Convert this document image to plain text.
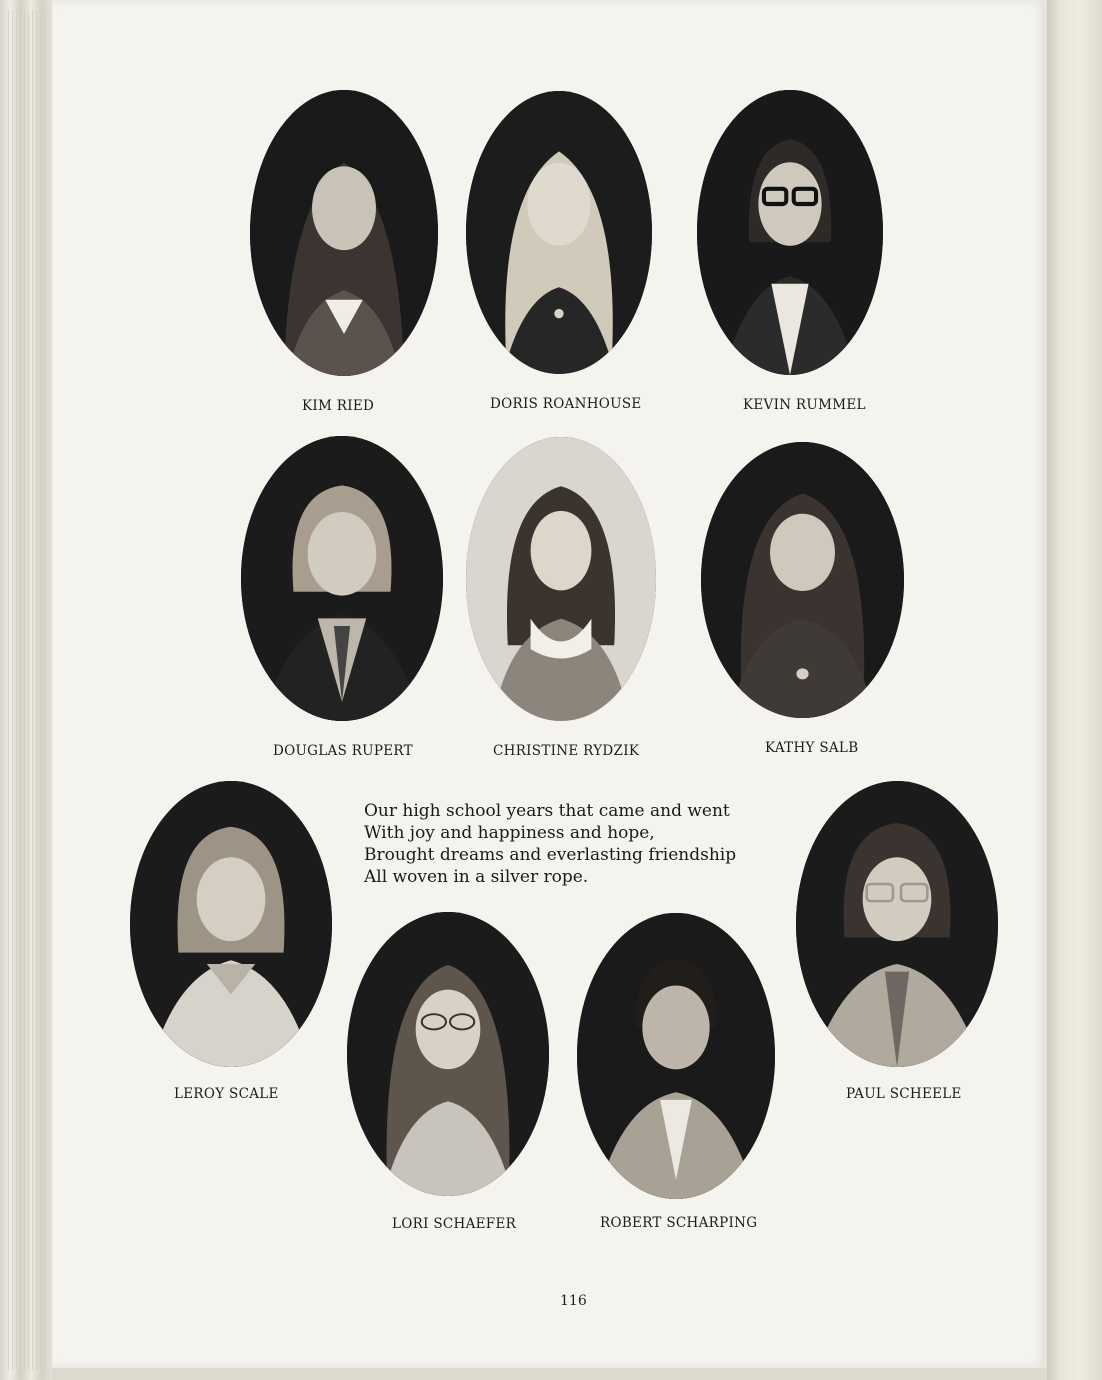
KIM RIED	DORIS ROANHOUSE	KEVIN RUMMEL
DOUGLAS RUPERT	CHRISTINE RYDZIK	KATHY SALB
Our high school years that came and went
With joy and happiness and hope,
Brought dreams and everlasting friendship
All woven in a silver rope.
LEROY SCALE
LORI SCHAEFER	ROBERT SCHARPING
PAUL SCHEELE
116
